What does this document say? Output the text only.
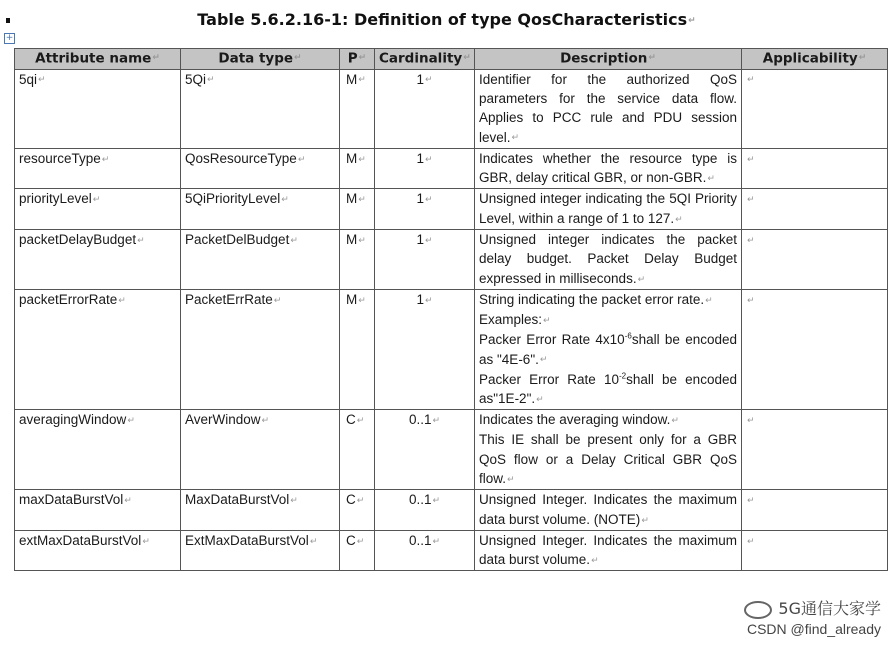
+
Table 5.6.2.16-1: Definition of type QosCharacteristics↵
Attribute name↵	Data type↵	P↵	Cardinality↵	Description↵	Applicability↵
5qi↵	5Qi↵	M↵	1↵	Identifier for the authorized QoS parameters for the service data flow. Applies to PCC rule and PDU session level.↵	↵
resourceType↵	QosResourceType↵	M↵	1↵	Indicates whether the resource type is GBR, delay critical GBR, or non-GBR.↵	↵
priorityLevel↵	5QiPriorityLevel↵	M↵	1↵	Unsigned integer indicating the 5QI Priority Level, within a range of 1 to 127.↵	↵
packetDelayBudget↵	PacketDelBudget↵	M↵	1↵	Unsigned integer indicates the packet delay budget. Packet Delay Budget expressed in milliseconds.↵	↵
packetErrorRate↵	PacketErrRate↵	M↵	1↵	String indicating the packet error rate.↵
Examples:↵
Packer Error Rate $4x10^{-6}shall$ be encoded as "4E-6".↵
Packer Error Rate $10^{-2}shall$ be encoded as"1E-2".↵	↵
averagingWindow↵	AverWindow↵	C↵	0..1↵	Indicates the averaging window.↵
This IE shall be present only for a GBR QoS flow or a Delay Critical GBR QoS flow.↵	↵
maxDataBurstVol↵	MaxDataBurstVol↵	C↵	0..1↵	Unsigned Integer. Indicates the maximum data burst volume. (NOTE)↵	↵
extMaxDataBurstVol↵	ExtMaxDataBurstVol↵	C↵	0..1↵	Unsigned Integer. Indicates the maximum data burst volume.↵	↵
5G通信大家学
CSDN @find_already
